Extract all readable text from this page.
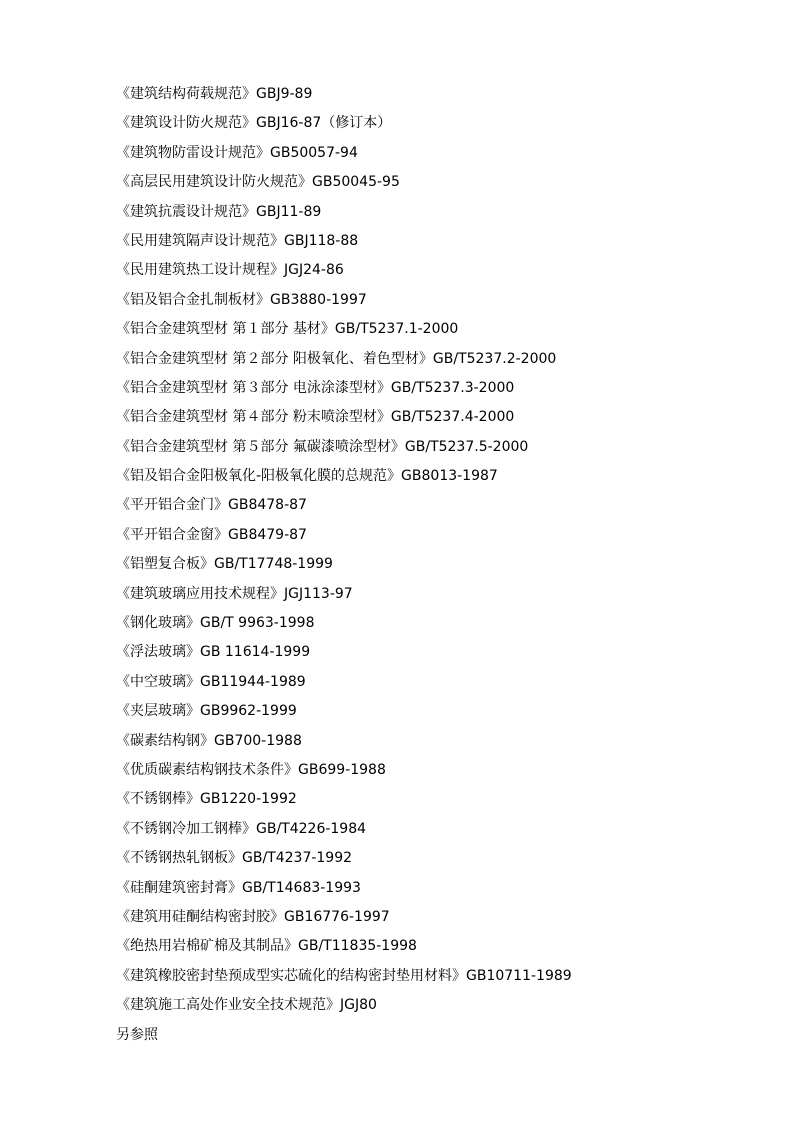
《建筑结构荷载规范》GBJ9-89
《建筑设计防火规范》GBJ16-87（修订本）
《建筑物防雷设计规范》GB50057-94
《高层民用建筑设计防火规范》GB50045-95
《建筑抗震设计规范》GBJ11-89
《民用建筑隔声设计规范》GBJ118-88
《民用建筑热工设计规程》JGJ24-86
《铝及铝合金扎制板材》GB3880-1997
《铝合金建筑型材 第１部分 基材》GB/T5237.1-2000
《铝合金建筑型材 第２部分 阳极氧化、着色型材》GB/T5237.2-2000
《铝合金建筑型材 第３部分 电泳涂漆型材》GB/T5237.3-2000
《铝合金建筑型材 第４部分 粉末喷涂型材》GB/T5237.4-2000
《铝合金建筑型材 第５部分 氟碳漆喷涂型材》GB/T5237.5-2000
《铝及铝合金阳极氧化-阳极氧化膜的总规范》GB8013-1987
《平开铝合金门》GB8478-87
《平开铝合金窗》GB8479-87
《铝塑复合板》GB/T17748-1999
《建筑玻璃应用技术规程》JGJ113-97
《钢化玻璃》GB/T 9963-1998
《浮法玻璃》GB 11614-1999
《中空玻璃》GB11944-1989
《夹层玻璃》GB9962-1999
《碳素结构钢》GB700-1988
《优质碳素结构钢技术条件》GB699-1988
《不锈钢棒》GB1220-1992
《不锈钢冷加工钢棒》GB/T4226-1984
《不锈钢热轧钢板》GB/T4237-1992
《硅酮建筑密封膏》GB/T14683-1993
《建筑用硅酮结构密封胶》GB16776-1997
《绝热用岩棉矿棉及其制品》GB/T11835-1998
《建筑橡胶密封垫预成型实芯硫化的结构密封垫用材料》GB10711-1989
《建筑施工高处作业安全技术规范》JGJ80
另参照
